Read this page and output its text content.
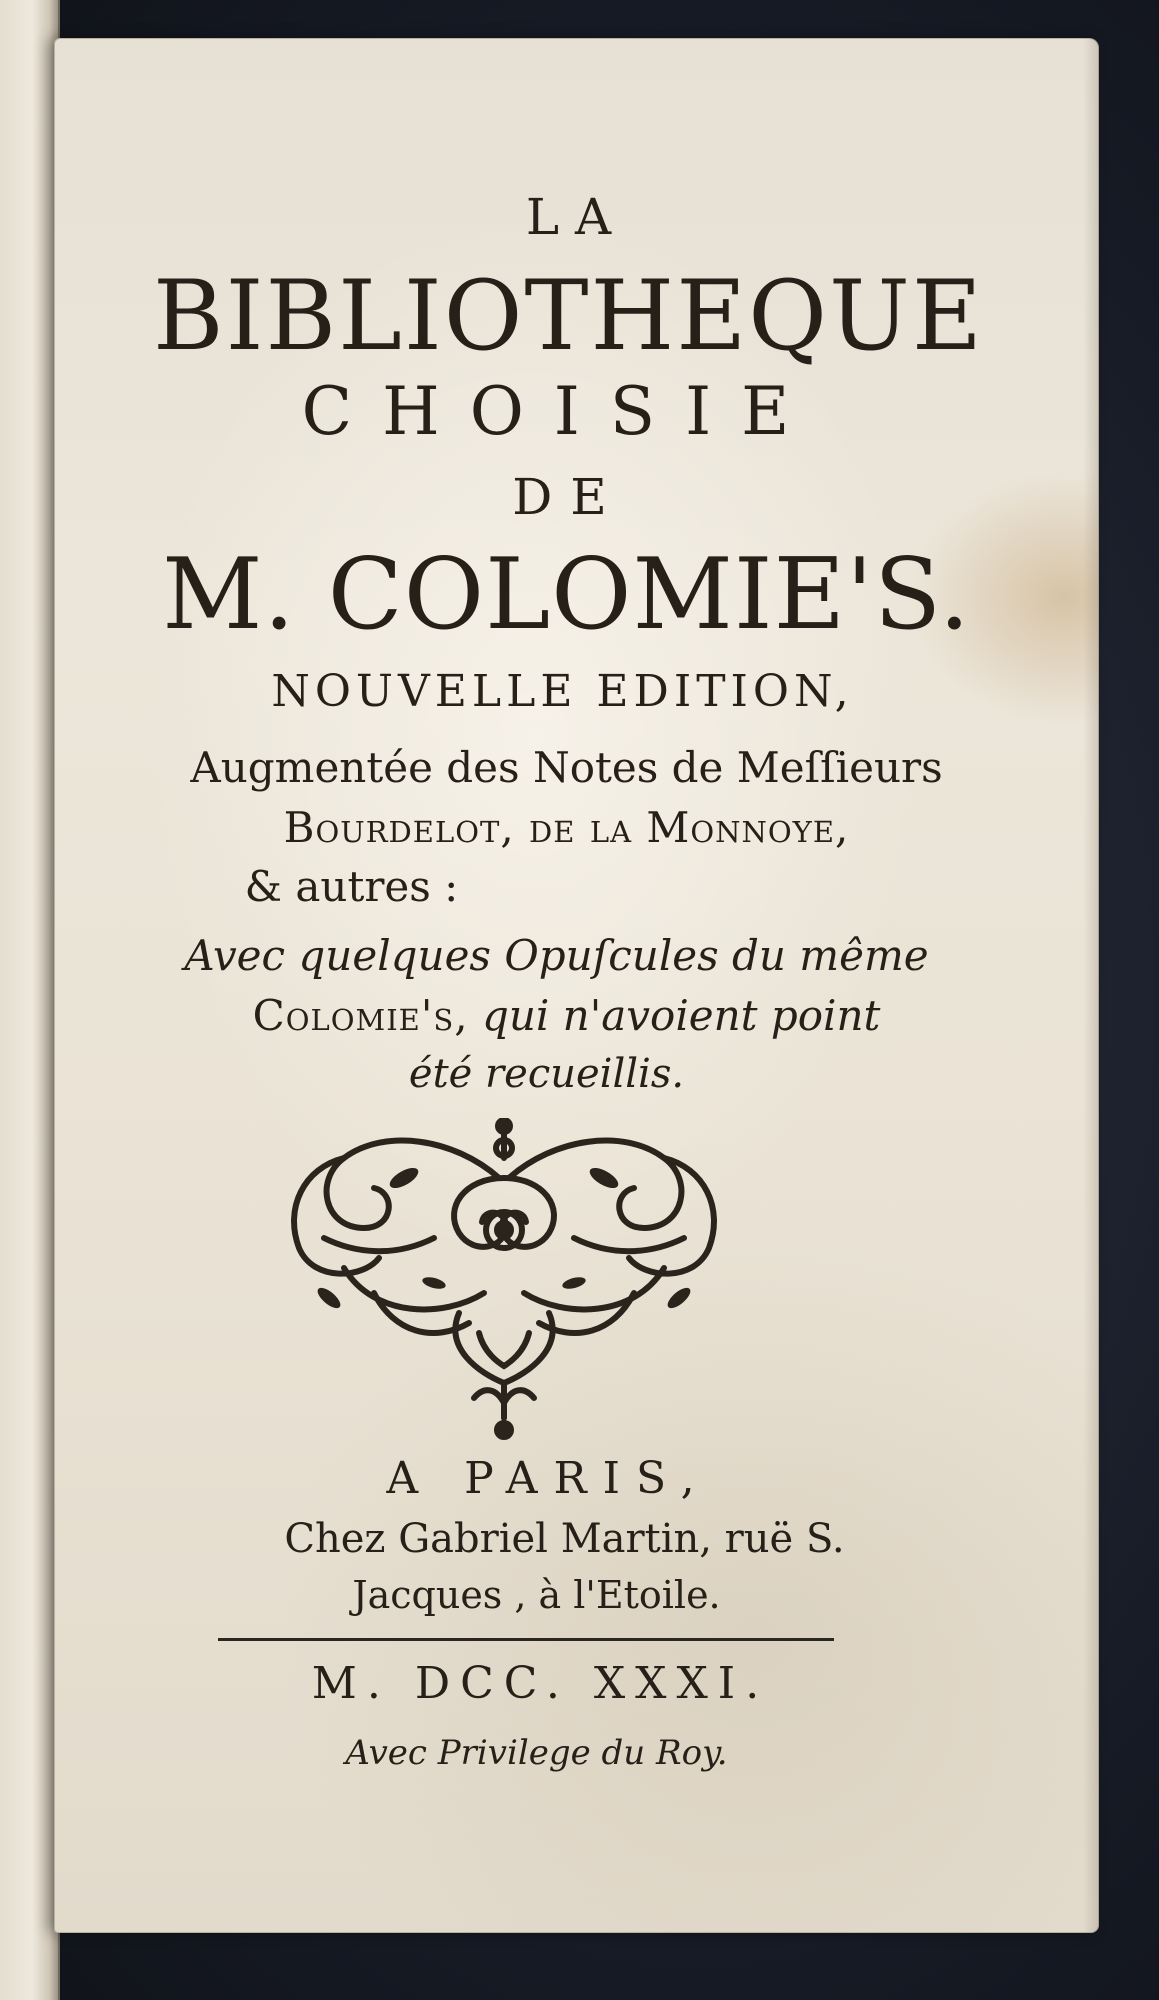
LA
BIBLIOTHEQUE
CHOISIE
DE
M. COLOMIE'S.
NOUVELLE EDITION,
Augmentée des Notes de Meſſieurs
Bourdelot, de la Monnoye,
& autres :
Avec quelques Opuſcules du même
Colomie's, qui n'avoient point
été recueillis.
A PARIS,
Chez Gabriel Martin, ruë S.
Jacques , à l'Etoile.
M. DCC. XXXI.
Avec Privilege du Roy.
